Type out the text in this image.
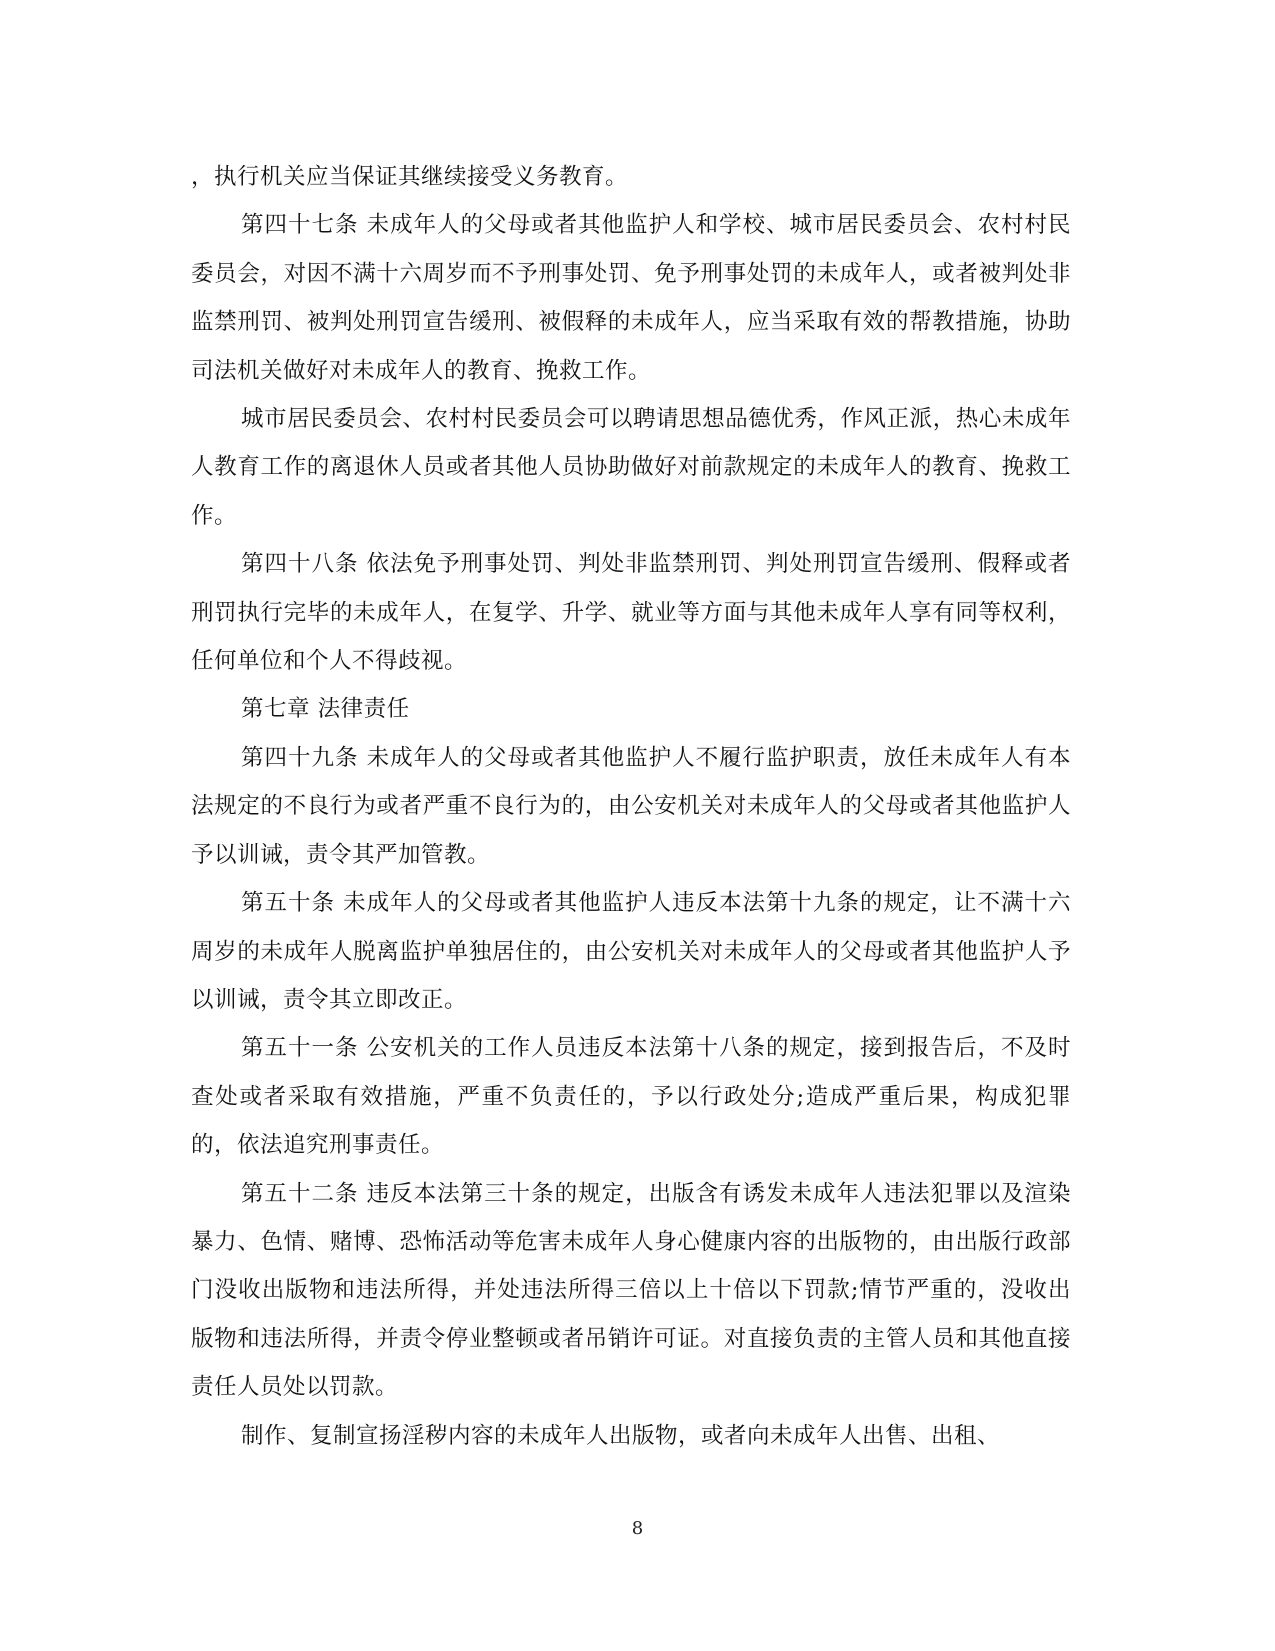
，执行机关应当保证其继续接受义务教育。

第四十七条 未成年人的父母或者其他监护人和学校、城市居民委员会、农村村民委员会，对因不满十六周岁而不予刑事处罚、免予刑事处罚的未成年人，或者被判处非监禁刑罚、被判处刑罚宣告缓刑、被假释的未成年人，应当采取有效的帮教措施，协助司法机关做好对未成年人的教育、挽救工作。

城市居民委员会、农村村民委员会可以聘请思想品德优秀，作风正派，热心未成年人教育工作的离退休人员或者其他人员协助做好对前款规定的未成年人的教育、挽救工作。

第四十八条 依法免予刑事处罚、判处非监禁刑罚、判处刑罚宣告缓刑、假释或者刑罚执行完毕的未成年人，在复学、升学、就业等方面与其他未成年人享有同等权利，任何单位和个人不得歧视。

第七章 法律责任

第四十九条 未成年人的父母或者其他监护人不履行监护职责，放任未成年人有本法规定的不良行为或者严重不良行为的，由公安机关对未成年人的父母或者其他监护人予以训诫，责令其严加管教。

第五十条 未成年人的父母或者其他监护人违反本法第十九条的规定，让不满十六周岁的未成年人脱离监护单独居住的，由公安机关对未成年人的父母或者其他监护人予以训诫，责令其立即改正。

第五十一条 公安机关的工作人员违反本法第十八条的规定，接到报告后，不及时查处或者采取有效措施，严重不负责任的，予以行政处分;造成严重后果，构成犯罪的，依法追究刑事责任。

第五十二条 违反本法第三十条的规定，出版含有诱发未成年人违法犯罪以及渲染暴力、色情、赌博、恐怖活动等危害未成年人身心健康内容的出版物的，由出版行政部门没收出版物和违法所得，并处违法所得三倍以上十倍以下罚款;情节严重的，没收出版物和违法所得，并责令停业整顿或者吊销许可证。对直接负责的主管人员和其他直接责任人员处以罚款。

制作、复制宣扬淫秽内容的未成年人出版物，或者向未成年人出售、出租、

8
